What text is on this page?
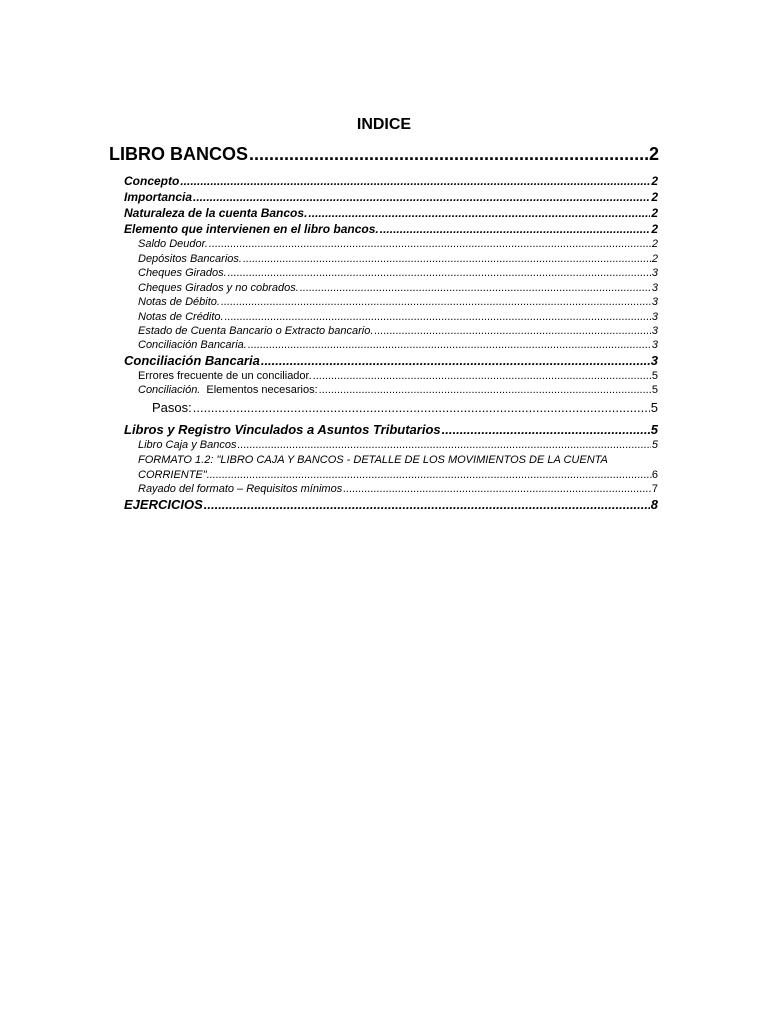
INDICE
LIBRO BANCOS .....	2
Concepto .....	2
Importancia .....	2
Naturaleza de la cuenta Bancos. .....	2
Elemento que intervienen en el libro bancos. .....	2
Saldo Deudor. .....	2
Depósitos Bancarios. .....	2
Cheques Girados. .....	3
Cheques Girados y no cobrados. .....	3
Notas de Débito. .....	3
Notas de Crédito. .....	3
Estado de Cuenta Bancario o Extracto bancario. .....	3
Conciliación Bancaria. .....	3
Conciliación Bancaria .....	3
Errores frecuente de un conciliador. .....	5
Conciliación. Elementos necesarios: .....	5
Pasos: .....	5
Libros y Registro Vinculados a Asuntos Tributarios .....	5
Libro Caja y Bancos .....	5
FORMATO 1.2: "LIBRO CAJA Y BANCOS - DETALLE DE LOS MOVIMIENTOS DE LA CUENTA
CORRIENTE" .....	6
Rayado del formato – Requisitos mínimos .....	7
EJERCICIOS .....	8
